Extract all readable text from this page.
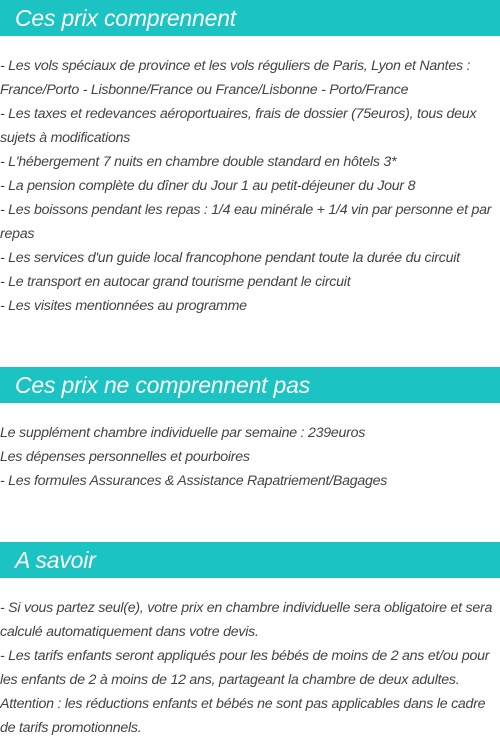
Ces prix comprennent
- Les vols spéciaux de province et les vols réguliers de Paris, Lyon et Nantes : France/Porto - Lisbonne/France ou France/Lisbonne - Porto/France
- Les taxes et redevances aéroportuaires, frais de dossier (75euros), tous deux sujets à modifications
- L'hébergement 7 nuits en chambre double standard en hôtels 3*
- La pension complète du dîner du Jour 1 au petit-déjeuner du Jour 8
- Les boissons pendant les repas : 1/4 eau minérale + 1/4 vin par personne et par repas
- Les services d'un guide local francophone pendant toute la durée du circuit
- Le transport en autocar grand tourisme pendant le circuit
- Les visites mentionnées au programme
Ces prix ne comprennent pas
Le supplément chambre individuelle par semaine : 239euros
Les dépenses personnelles et pourboires
- Les formules Assurances & Assistance Rapatriement/Bagages
A savoir
- Si vous partez seul(e), votre prix en chambre individuelle sera obligatoire et sera calculé automatiquement dans votre devis.
- Les tarifs enfants seront appliqués pour les bébés de moins de 2 ans et/ou pour les enfants de 2 à moins de 12 ans, partageant la chambre de deux adultes.
Attention : les réductions enfants et bébés ne sont pas applicables dans le cadre de tarifs promotionnels.
